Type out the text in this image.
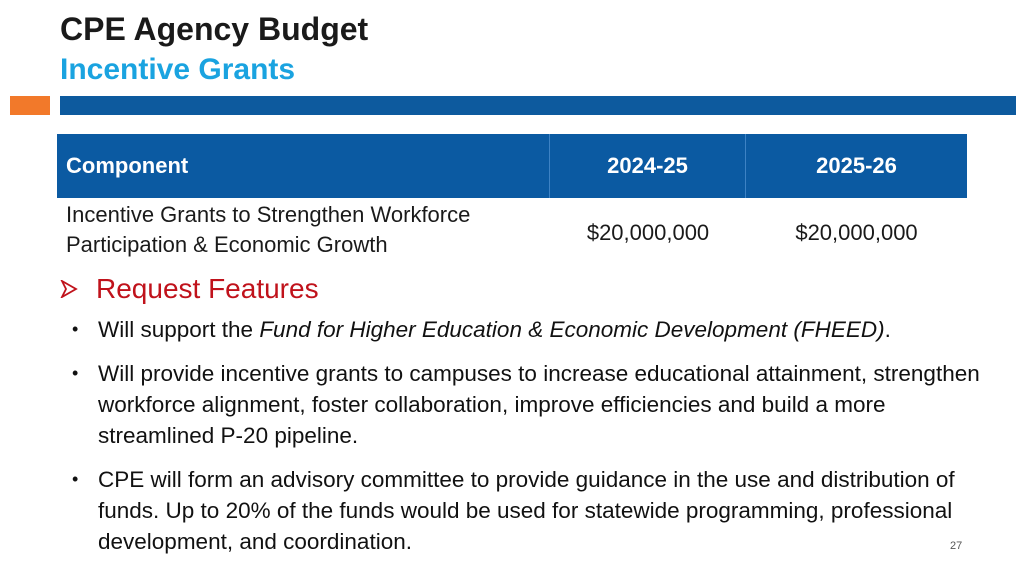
CPE Agency Budget
Incentive Grants
Component	2024-25	2025-26
Incentive Grants to Strengthen Workforce
Participation & Economic Growth	$20,000,000	$20,000,000
Request Features
• Will support the Fund for Higher Education & Economic Development (FHEED).
• Will provide incentive grants to campuses to increase educational attainment, strengthen workforce alignment, foster collaboration, improve efficiencies and build a more streamlined P-20 pipeline.
• CPE will form an advisory committee to provide guidance in the use and distribution of funds. Up to 20% of the funds would be used for statewide programming, professional development, and coordination.	27
